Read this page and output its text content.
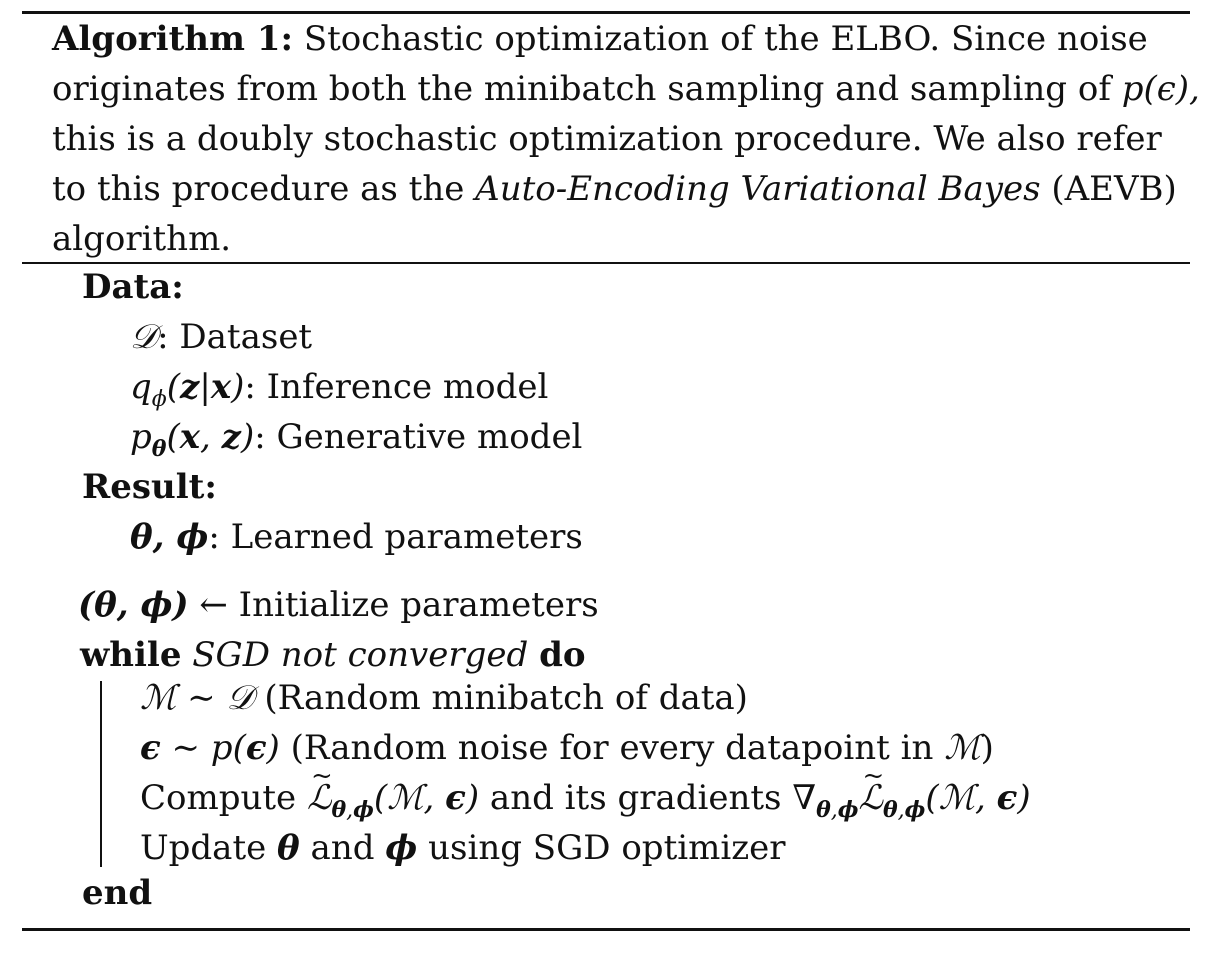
Algorithm 1: Stochastic optimization of the ELBO. Since noise
originates from both the minibatch sampling and sampling of p(ϵ),
this is a doubly stochastic optimization procedure. We also refer
to this procedure as the Auto-Encoding Variational Bayes (AEVB)
algorithm.
Data:
𝒟: Dataset
$q_\phi(z|x)$: Inference model
$p_\theta(x$, z): Generative model
Result:
θ, ϕ: Learned parameters
(θ, ϕ) ← Initialize parameters
while SGD not converged do
ℳ ∼ 𝒟 (Random minibatch of data)
ϵ ∼ p(ϵ) (Random noise for every datapoint in ℳ)
Compute ~ ℒ$_{\theta,\phi}$(ℳ, ϵ) and its gradients $\nabla_{\theta,\phi}\sim$ ℒ$_{\theta,\phi}$(ℳ, ϵ)
Update θ and ϕ using SGD optimizer
end
